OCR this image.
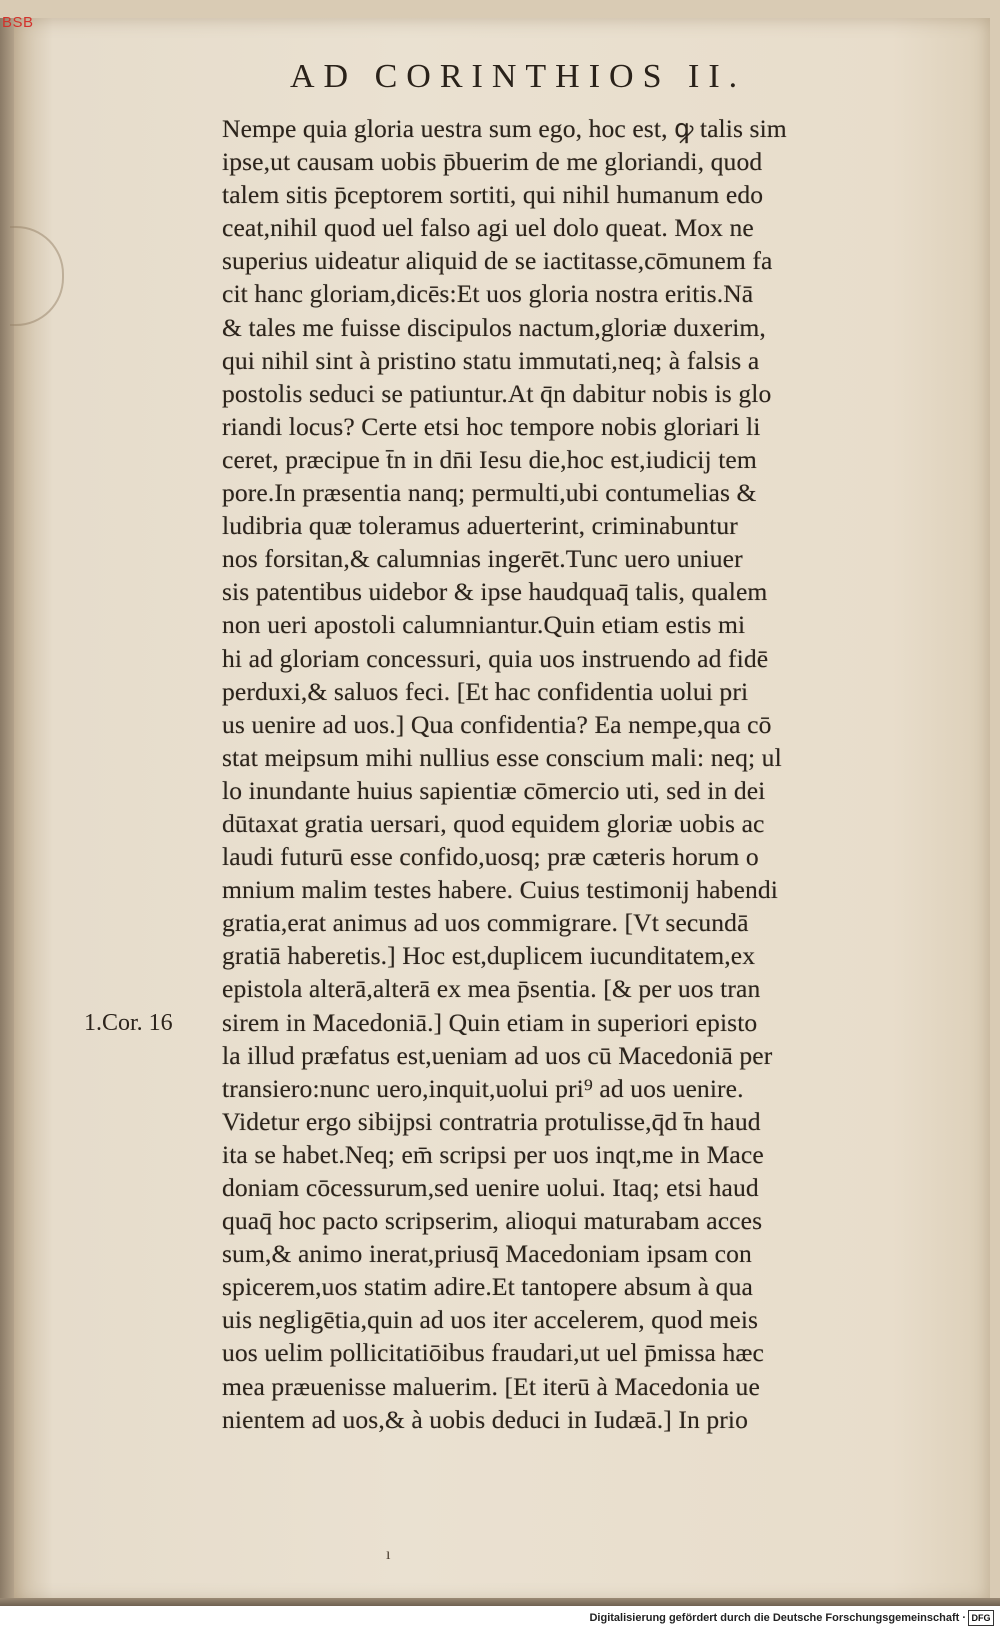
BSB
AD CORINTHIOS II.
Nempe quia gloria uestra sum ego, hoc est, ꝙ talis sim
ipse,ut causam uobis p̄buerim de me gloriandi, quod
talem sitis p̄ceptorem sortiti, qui nihil humanum edo
ceat,nihil quod uel falso agi uel dolo queat. Mox ne
superius uideatur aliquid de se iactitasse,cōmunem fa
cit hanc gloriam,dicēs:Et uos gloria nostra eritis.Nā
& tales me fuisse discipulos nactum,gloriæ duxerim,
qui nihil sint à pristino statu immutati,neq; à falsis a
postolis seduci se patiuntur.At q̄n dabitur nobis is glo
riandi locus? Certe etsi hoc tempore nobis gloriari li
ceret, præcipue t̄n in dn̄i Iesu die,hoc est,iudicij tem
pore.In præsentia nanq; permulti,ubi contumelias &
ludibria quæ toleramus aduerterint, criminabuntur
nos forsitan,& calumnias ingerēt.Tunc uero uniuer
sis patentibus uidebor & ipse haudquaq̄ talis, qualem
non ueri apostoli calumniantur.Quin etiam estis mi
hi ad gloriam concessuri, quia uos instruendo ad fidē
perduxi,& saluos feci. [Et hac confidentia uolui pri
us uenire ad uos.] Qua confidentia? Ea nempe,qua cō
stat meipsum mihi nullius esse conscium mali: neq; ul
lo inundante huius sapientiæ cōmercio uti, sed in dei
dūtaxat gratia uersari, quod equidem gloriæ uobis ac
laudi futurū esse confido,uosq; præ cæteris horum o
mnium malim testes habere. Cuius testimonij habendi
gratia,erat animus ad uos commigrare. [Vt secundā
gratiā haberetis.] Hoc est,duplicem iucunditatem,ex
epistola alterā,alterā ex mea p̄sentia. [& per uos tran
sirem in Macedoniā.] Quin etiam in superiori episto
la illud præfatus est,ueniam ad uos cū Macedoniā per
transiero:nunc uero,inquit,uolui pri⁹ ad uos uenire.
Videtur ergo sibijpsi contratria protulisse,q̄d t̄n haud
ita se habet.Neq; em̄ scripsi per uos inqt,me in Mace
doniam cōcessurum,sed uenire uolui. Itaq; etsi haud
quaq̄ hoc pacto scripserim, alioqui maturabam acces
sum,& animo inerat,priusq̄ Macedoniam ipsam con
spicerem,uos statim adire.Et tantopere absum à qua
uis negligētia,quin ad uos iter accelerem, quod meis
uos uelim pollicitatiōibus fraudari,ut uel p̄missa hæc
mea præuenisse maluerim. [Et iterū à Macedonia ue
nientem ad uos,& à uobis deduci in Iudæā.] In prio
1.Cor. 16
ı
Digitalisierung gefördert durch die Deutsche Forschungsgemeinschaft · DFG
